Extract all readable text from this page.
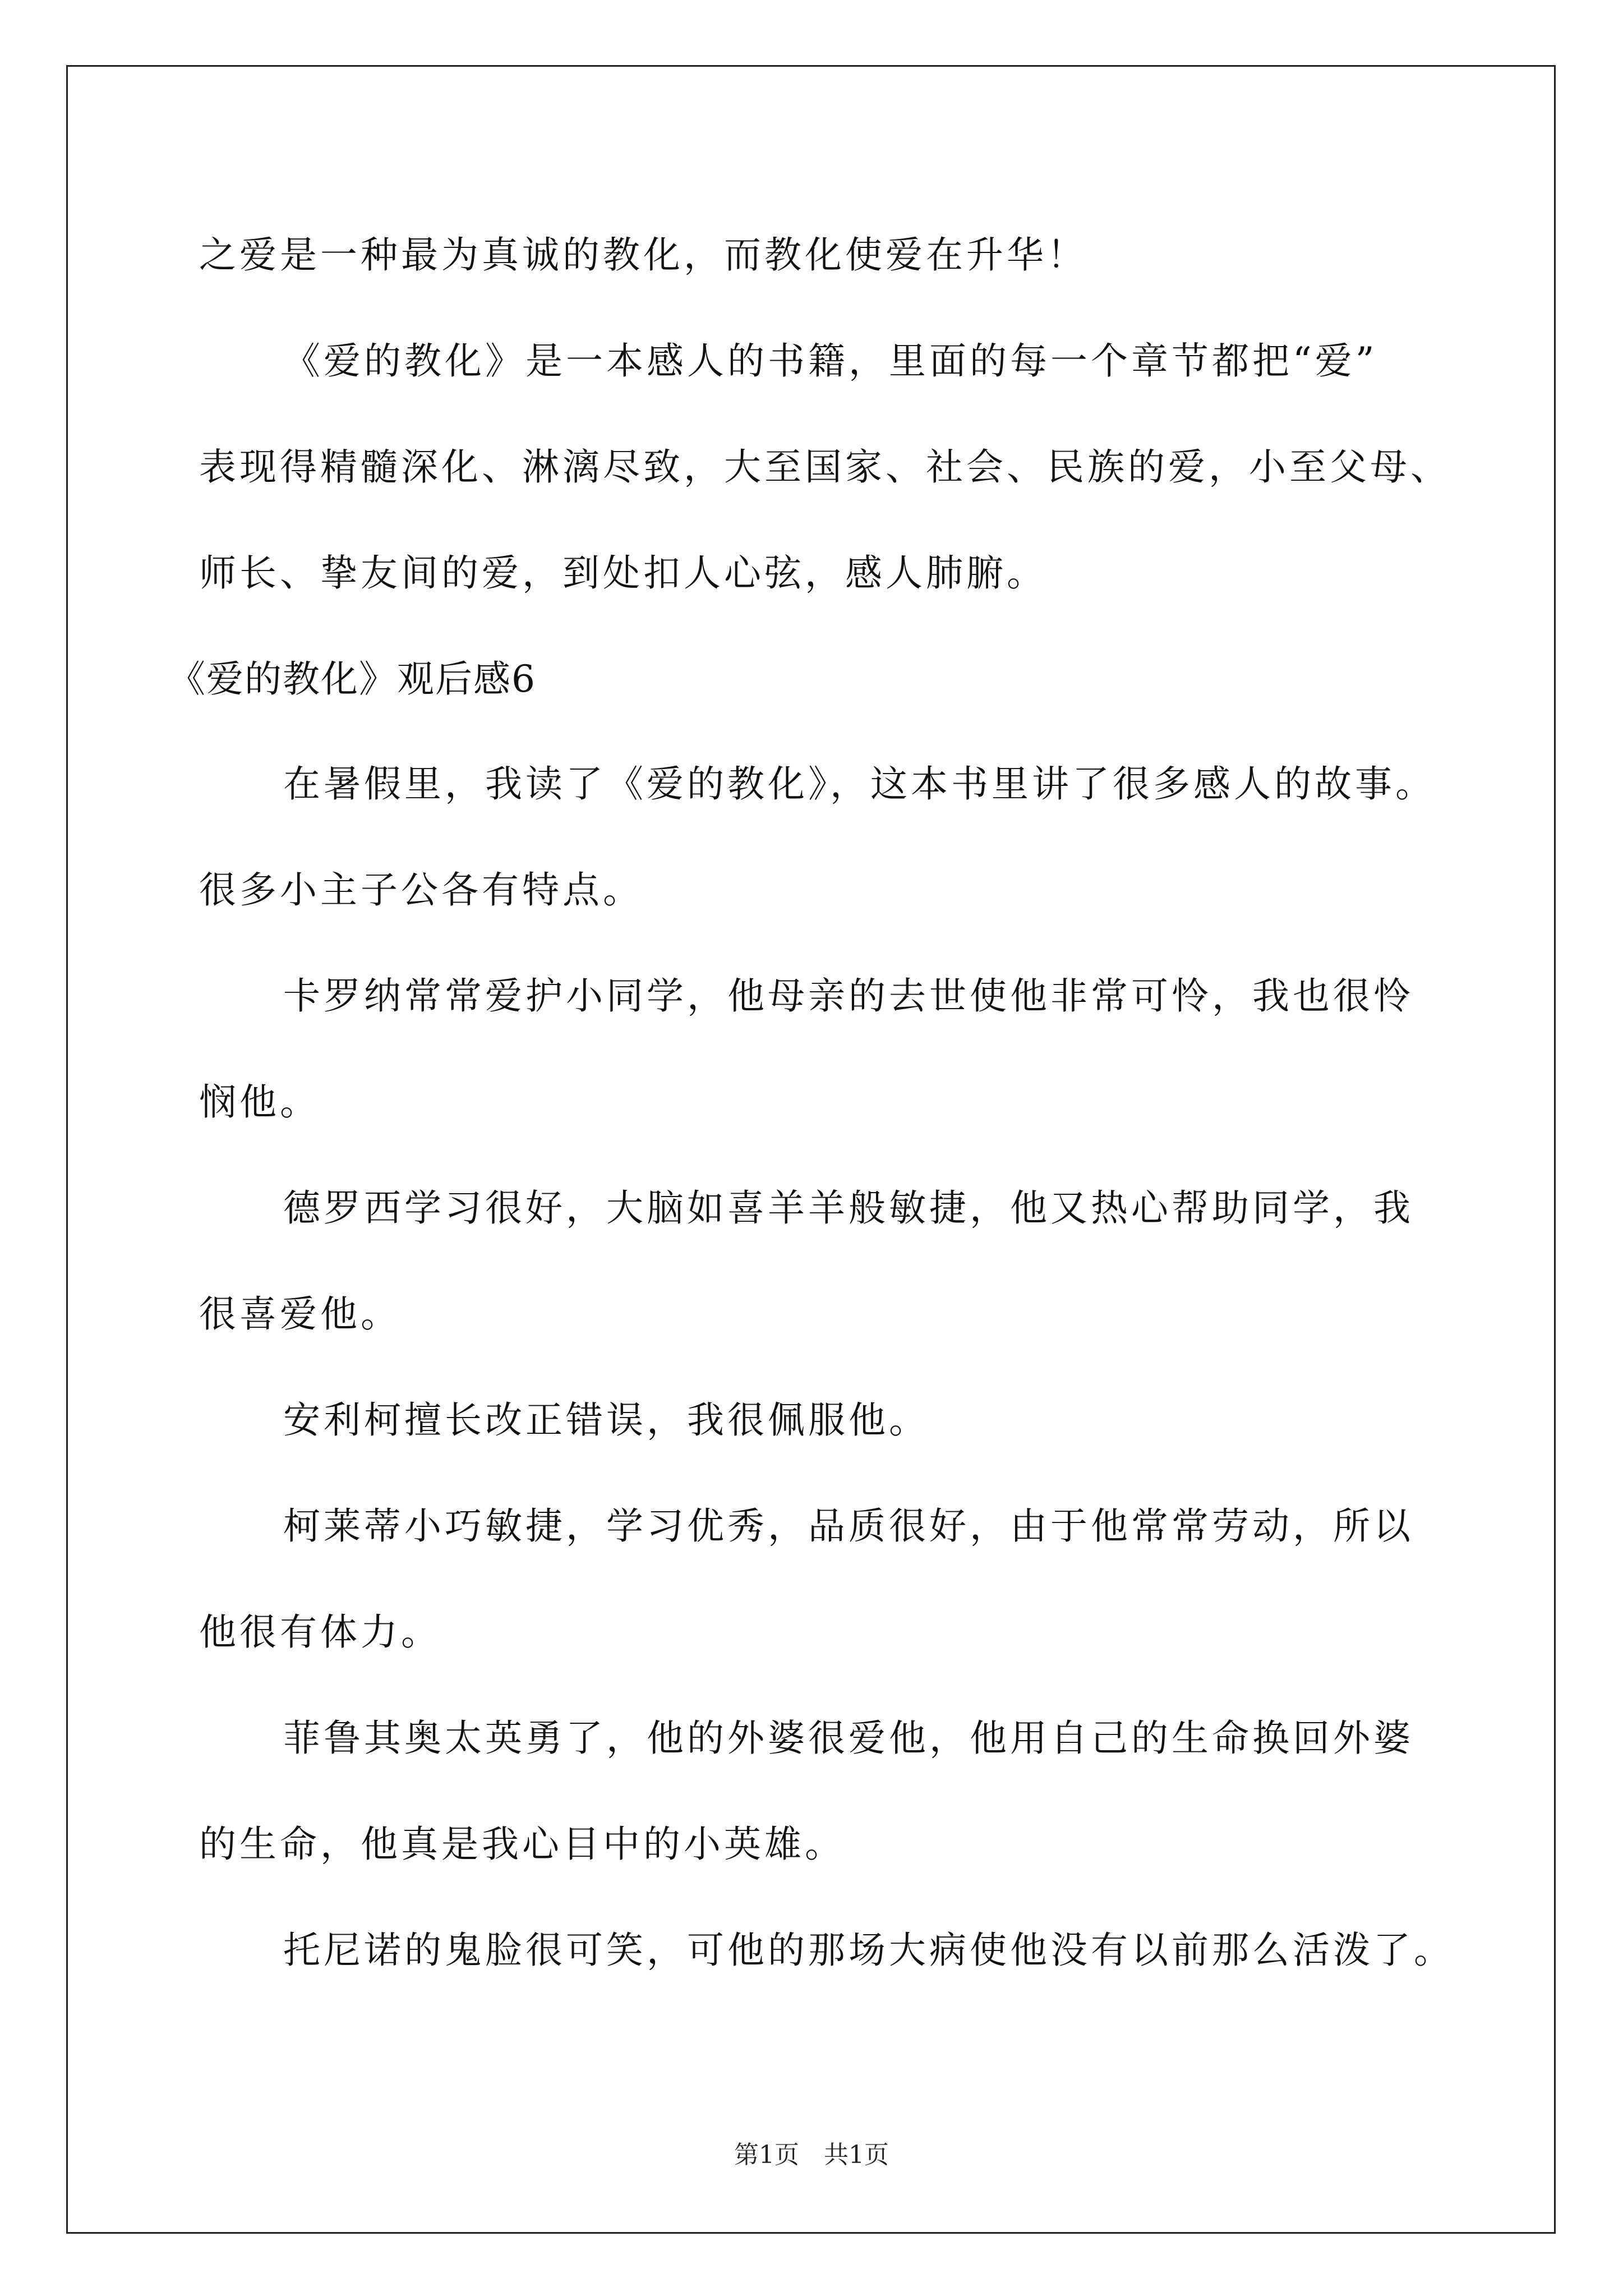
之爱是一种最为真诚的教化，而教化使爱在升华！
《爱的教化》是一本感人的书籍，里面的每一个章节都把“爱”
表现得精髓深化、淋漓尽致，大至国家、社会、民族的爱，小至父母、
师长、挚友间的爱，到处扣人心弦，感人肺腑。
《爱的教化》观后感6
在暑假里，我读了《爱的教化》，这本书里讲了很多感人的故事。
很多小主子公各有特点。
卡罗纳常常爱护小同学，他母亲的去世使他非常可怜，我也很怜
悯他。
德罗西学习很好，大脑如喜羊羊般敏捷，他又热心帮助同学，我
很喜爱他。
安利柯擅长改正错误，我很佩服他。
柯莱蒂小巧敏捷，学习优秀，品质很好，由于他常常劳动，所以
他很有体力。
菲鲁其奥太英勇了，他的外婆很爱他，他用自己的生命换回外婆
的生命，他真是我心目中的小英雄。
托尼诺的鬼脸很可笑，可他的那场大病使他没有以前那么活泼了。
第1页　共1页
